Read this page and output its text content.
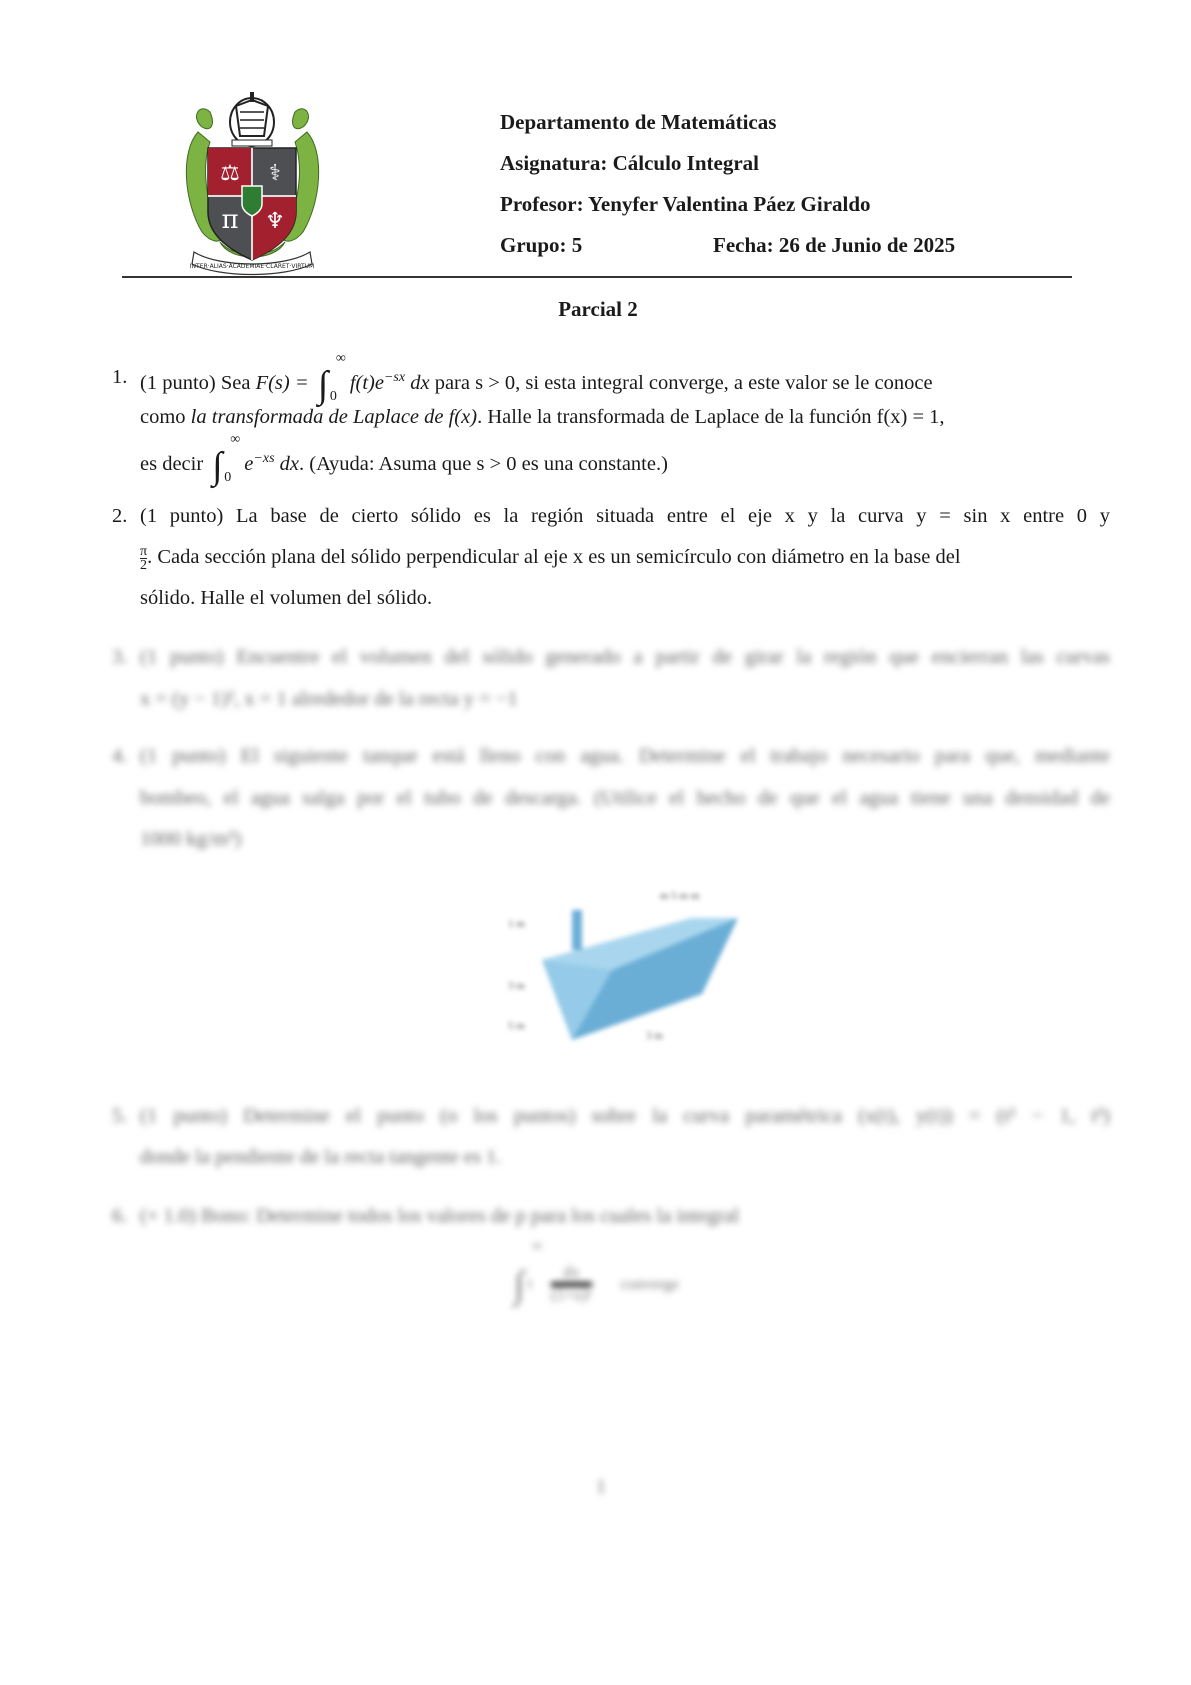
⚖ ⚕
π ♆
INTER·ALIAS·ACADEMIAE·CLARET·VIRTUM
Departamento de Matemáticas
Asignatura: Cálculo Integral
Profesor: Yenyfer Valentina Páez Giraldo
Grupo: 5	Fecha: 26 de Junio de 2025
Parcial 2
1. (1 punto) Sea F(s) = ∫
∞
0
$f(t)e^{-sx}$ dx para s > 0, si esta integral converge, a este valor se le conoce
como la transformada de Laplace de f(x). Halle la transformada de Laplace de la función f(x) = 1,
es decir ∫
∞
0
$e^{-xs}$ dx. (Ayuda: Asuma que s > 0 es una constante.)
2. (1 punto) La base de cierto sólido es la región situada entre el eje x y la curva y = sin x entre 0 y
$\frac{\pi}{2}$ . Cada sección plana del sólido perpendicular al eje x es un semicírculo con diámetro en la base del
sólido. Halle el volumen del sólido.
3. (1 punto) Encuentre el volumen del sólido generado a partir de girar la región que encierran las curvas
x = (y − 1)², x = 1 alrededor de la recta y = −1
4. (1 punto) El siguiente tanque está lleno con agua. Determine el trabajo necesario para que, mediante
bombeo, el agua salga por el tubo de descarga. (Utilice el hecho de que el agua tiene una densidad de
1000 kg/m³)
5. (1 punto) Determine el punto (o los puntos) sobre la curva paramétrica (x(t), y(t)) = (t² − 1, t³)
donde la pendiente de la recta tangente es 1.
6. (+ 1.0) Bono: Determine todos los valores de p para los cuales la integral
∫
∞
1
$\frac{dx}{\text{(1+x)ᵖ}}$ converge
m 5 m m
1 m
3 m
5 m
3 m
1
